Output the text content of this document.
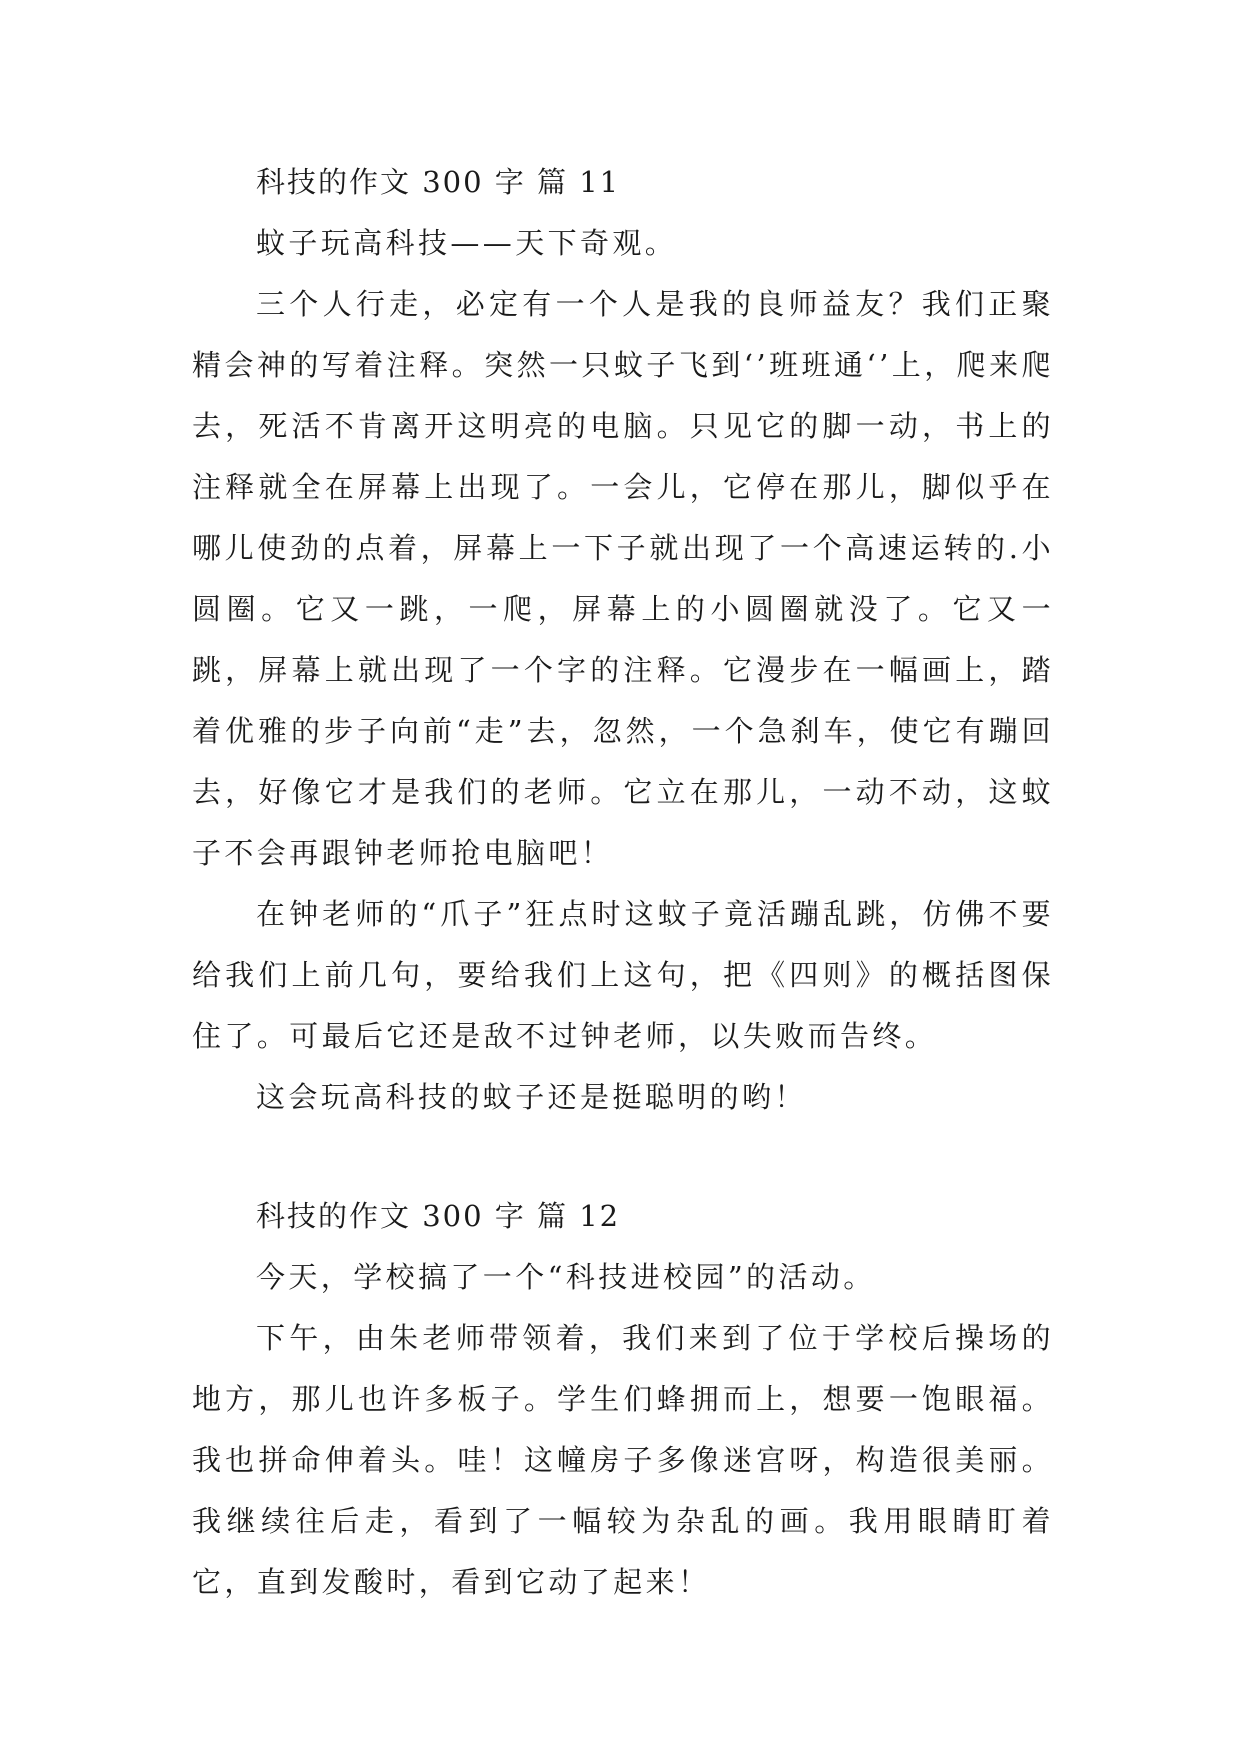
科技的作文 300 字 篇 11

蚊子玩高科技——天下奇观。

三个人行走，必定有一个人是我的良师益友？我们正聚精会神的写着注释。突然一只蚊子飞到‘’班班通‘’上，爬来爬去，死活不肯离开这明亮的电脑。只见它的脚一动，书上的注释就全在屏幕上出现了。一会儿，它停在那儿，脚似乎在哪儿使劲的点着，屏幕上一下子就出现了一个高速运转的.小圆圈。它又一跳，一爬，屏幕上的小圆圈就没了。它又一跳，屏幕上就出现了一个字的注释。它漫步在一幅画上，踏着优雅的步子向前“走”去，忽然，一个急刹车，使它有蹦回去，好像它才是我们的老师。它立在那儿，一动不动，这蚊子不会再跟钟老师抢电脑吧！

在钟老师的“爪子”狂点时这蚊子竟活蹦乱跳，仿佛不要给我们上前几句，要给我们上这句，把《四则》的概括图保住了。可最后它还是敌不过钟老师，以失败而告终。

这会玩高科技的蚊子还是挺聪明的哟！

科技的作文 300 字 篇 12

今天，学校搞了一个“科技进校园”的活动。

下午，由朱老师带领着，我们来到了位于学校后操场的地方，那儿也许多板子。学生们蜂拥而上，想要一饱眼福。我也拼命伸着头。哇！这幢房子多像迷宫呀，构造很美丽。我继续往后走，看到了一幅较为杂乱的画。我用眼睛盯着它，直到发酸时，看到它动了起来！
